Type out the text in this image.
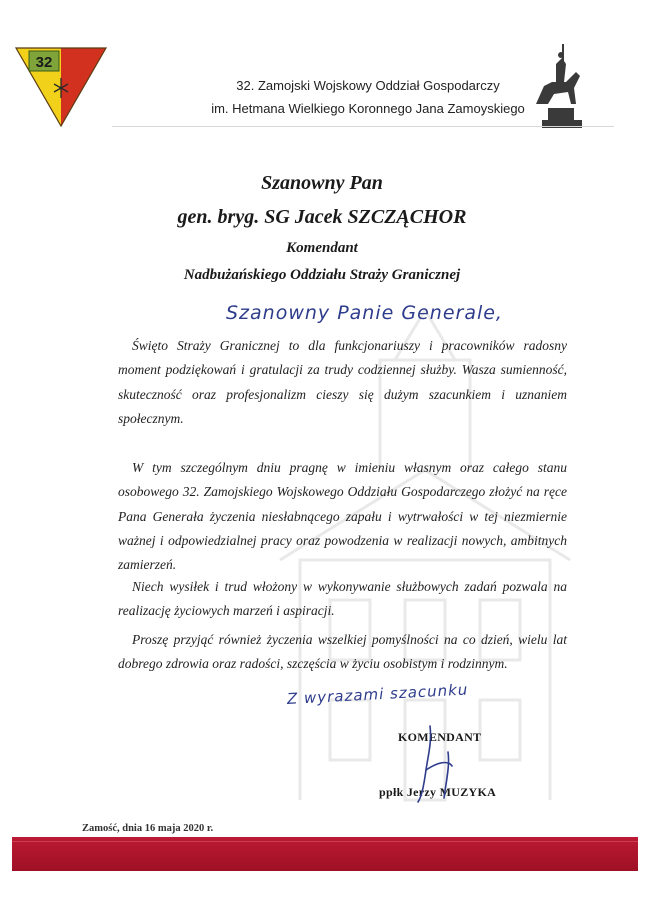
32
32. Zamojski Wojskowy Oddział Gospodarczy
im. Hetmana Wielkiego Koronnego Jana Zamoyskiego
Szanowny Pan
gen. bryg. SG Jacek SZCZĄCHOR
Komendant
Nadbużańskiego Oddziału Straży Granicznej
Szanowny Panie Generale,
Święto Straży Granicznej to dla funkcjonariuszy i pracowników radosny moment podziękowań i gratulacji za trudy codziennej służby. Wasza sumienność, skuteczność oraz profesjonalizm cieszy się dużym szacunkiem i uznaniem społecznym.
W tym szczególnym dniu pragnę w imieniu własnym oraz całego stanu osobowego 32. Zamojskiego Wojskowego Oddziału Gospodarczego złożyć na ręce Pana Generała życzenia niesłabnącego zapału i wytrwałości w tej niezmiernie ważnej i odpowiedzialnej pracy oraz powodzenia w realizacji nowych, ambitnych zamierzeń.
Niech wysiłek i trud włożony w wykonywanie służbowych zadań pozwala na realizację życiowych marzeń i aspiracji.
Proszę przyjąć również życzenia wszelkiej pomyślności na co dzień, wielu lat dobrego zdrowia oraz radości, szczęścia w życiu osobistym i rodzinnym.
Z wyrazami szacunku
KOMENDANT
ppłk Jerzy MUZYKA
Zamość, dnia 16 maja 2020 r.
